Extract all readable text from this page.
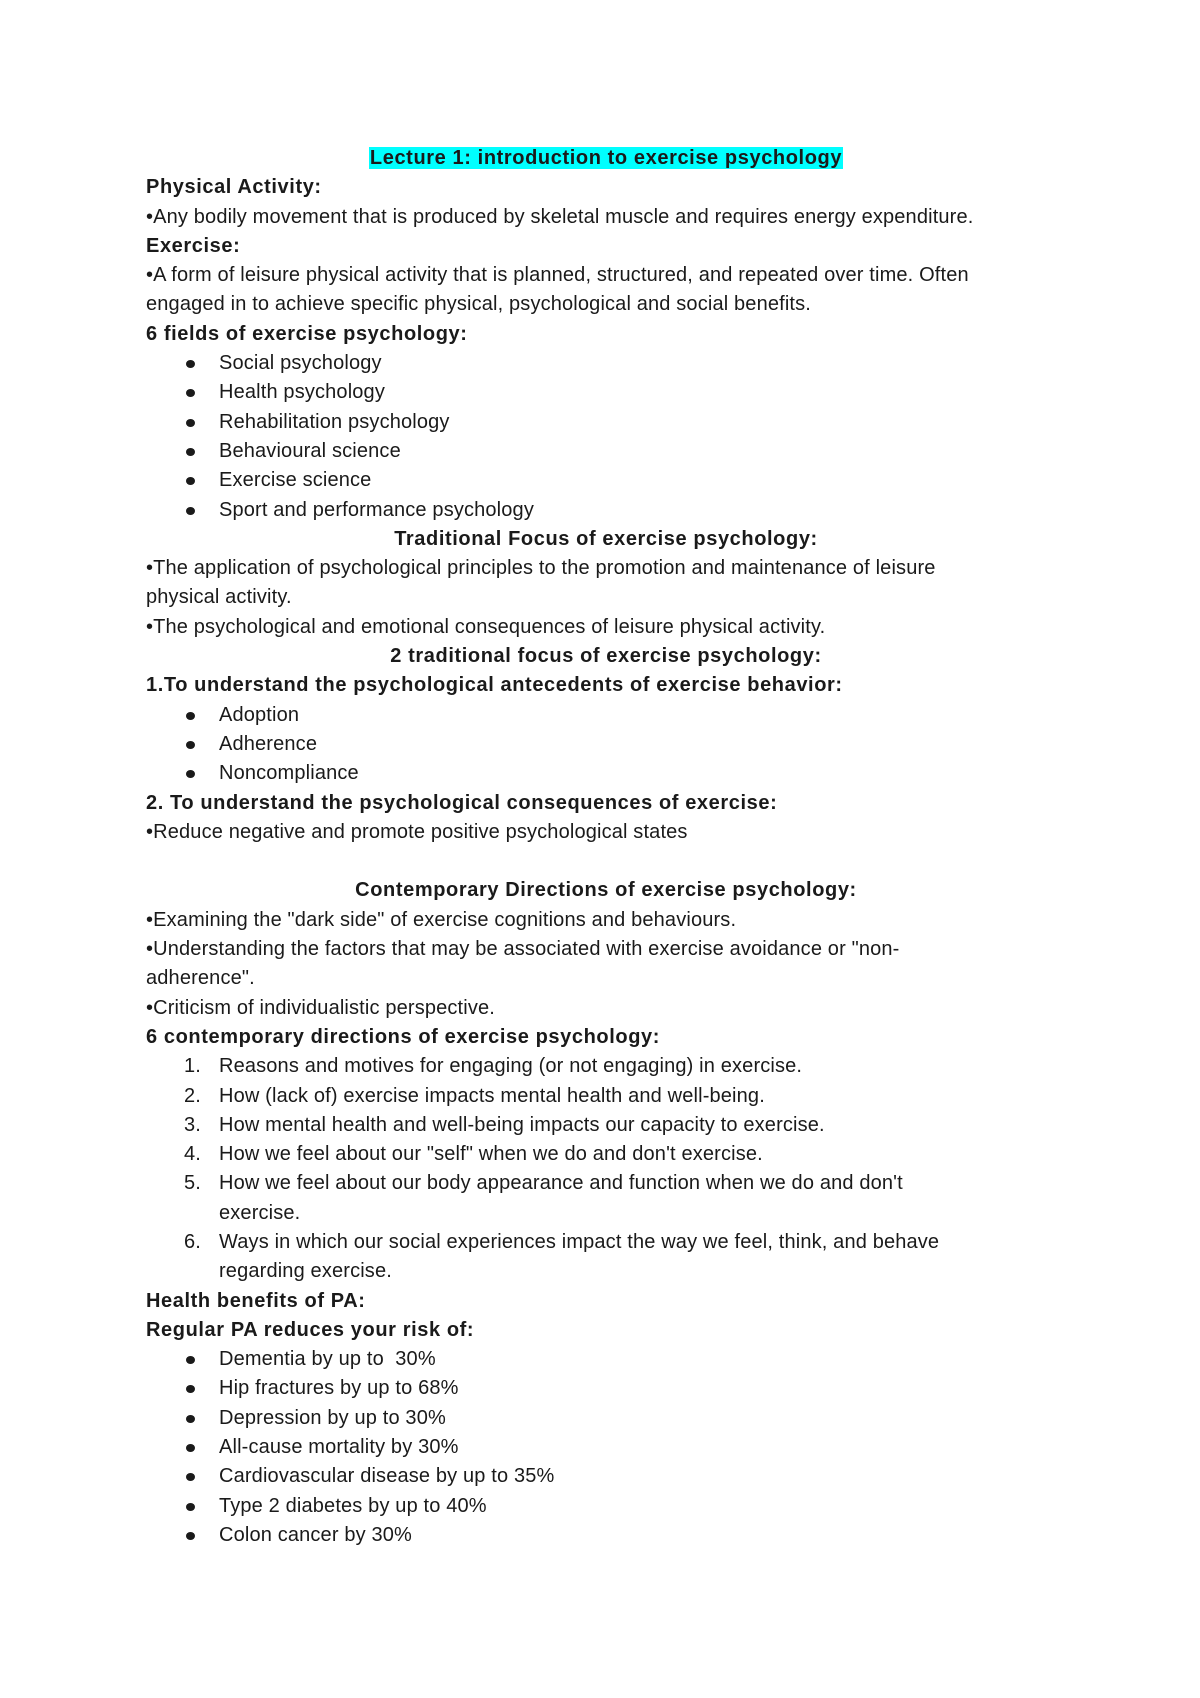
Lecture 1: introduction to exercise psychology
Physical Activity:
•Any bodily movement that is produced by skeletal muscle and requires energy expenditure.
Exercise:
•A form of leisure physical activity that is planned, structured, and repeated over time. Often
engaged in to achieve specific physical, psychological and social benefits.
6 fields of exercise psychology:
Social psychology
Health psychology
Rehabilitation psychology
Behavioural science
Exercise science
Sport and performance psychology
Traditional Focus of exercise psychology:
•The application of psychological principles to the promotion and maintenance of leisure
physical activity.
•The psychological and emotional consequences of leisure physical activity.
2 traditional focus of exercise psychology:
1.To understand the psychological antecedents of exercise behavior:
Adoption
Adherence
Noncompliance
2. To understand the psychological consequences of exercise:
•Reduce negative and promote positive psychological states
Contemporary Directions of exercise psychology:
•Examining the "dark side" of exercise cognitions and behaviours.
•Understanding the factors that may be associated with exercise avoidance or "non-
adherence".
•Criticism of individualistic perspective.
6 contemporary directions of exercise psychology:
1. Reasons and motives for engaging (or not engaging) in exercise.
2. How (lack of) exercise impacts mental health and well-being.
3. How mental health and well-being impacts our capacity to exercise.
4. How we feel about our "self" when we do and don't exercise.
5. How we feel about our body appearance and function when we do and don't
exercise.
6. Ways in which our social experiences impact the way we feel, think, and behave
regarding exercise.
Health benefits of PA:
Regular PA reduces your risk of:
Dementia by up to  30%
Hip fractures by up to 68%
Depression by up to 30%
All-cause mortality by 30%
Cardiovascular disease by up to 35%
Type 2 diabetes by up to 40%
Colon cancer by 30%
